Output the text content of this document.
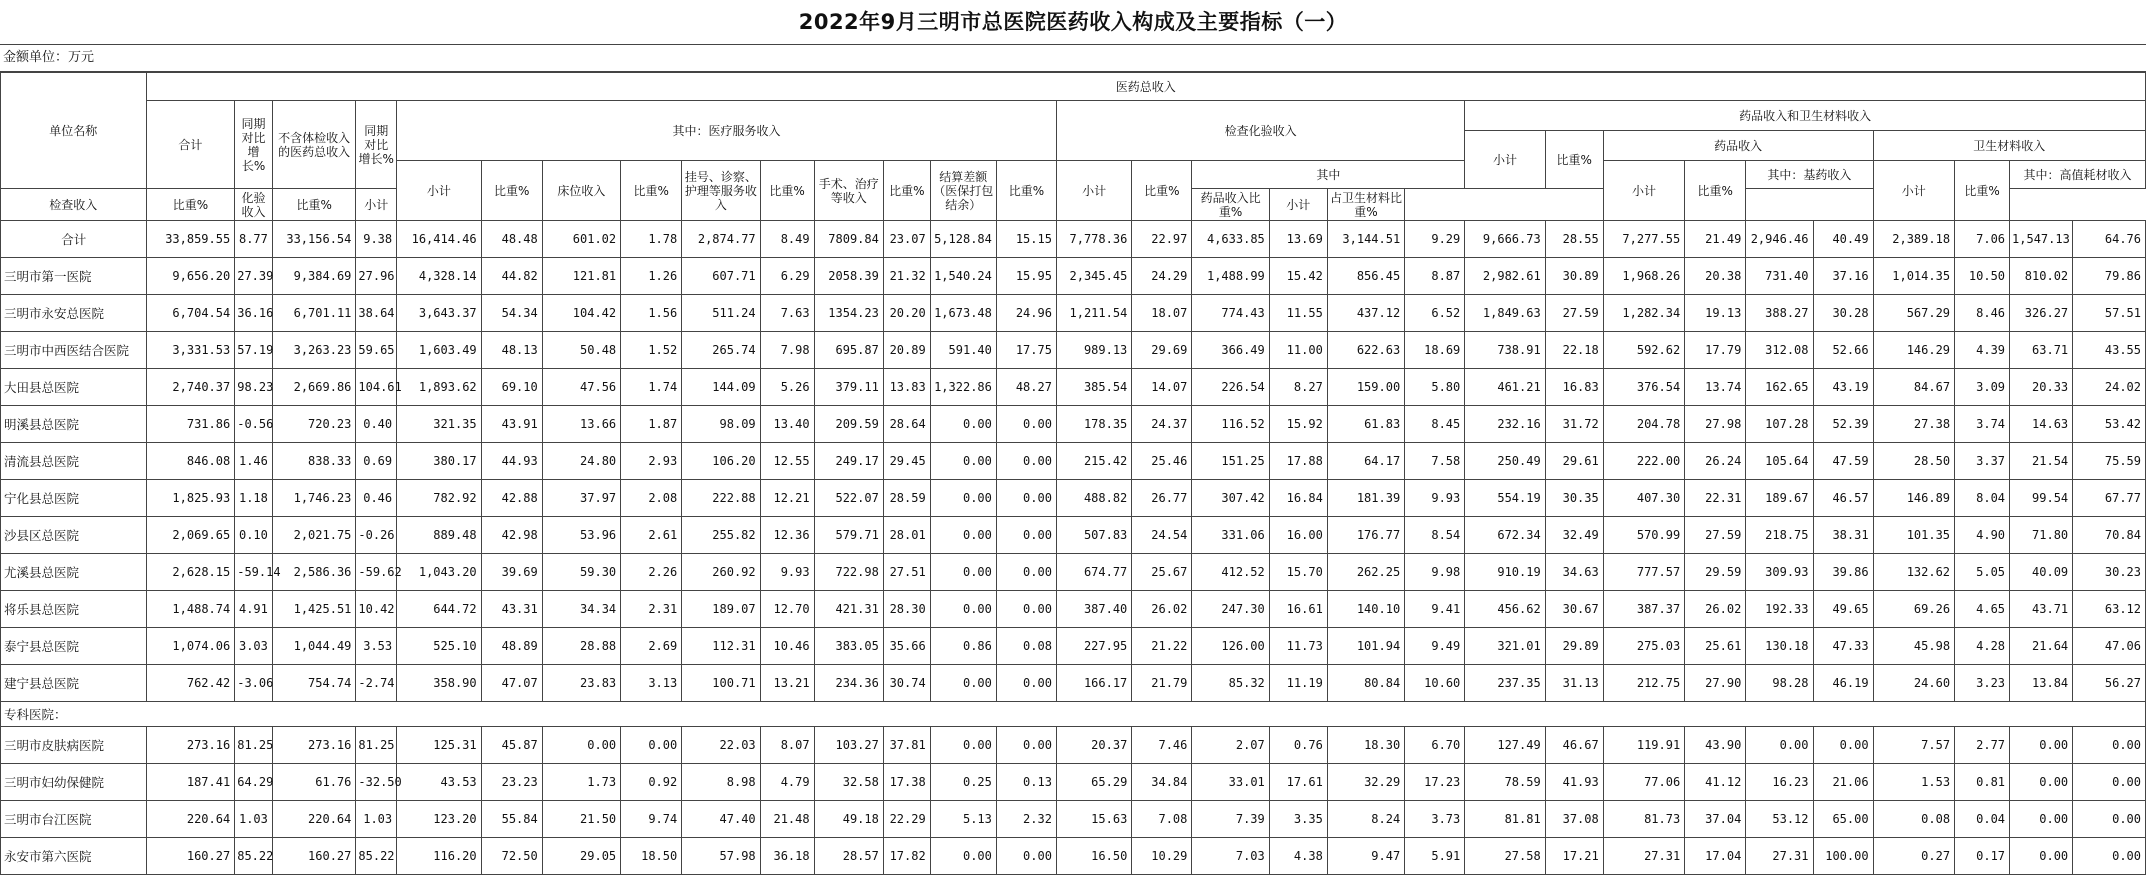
2022年9月三明市总医院医药收入构成及主要指标（一）
金额单位：万元
单位名称	医药总收入																													
	合计	同期对比增长%	不含体检收入的医药总收入	同期对比增长%	其中：医疗服务收入										检查化验收入						药品收入和卫生材料收入									
																					小计	比重%	药品收入				卫生材料收入			
					小计	比重%	床位收入	比重%	挂号、诊察、护理等服务收入	比重%	手术、治疗等收入	比重%	结算差额（医保打包结余）	比重%	小计	比重%	其中						小计	比重%	其中：基药收入		小计	比重%	其中：高值耗材收入	
检查收入	比重%	化验收入	比重%	小计													药品收入比重%	小计	占卫生材料比重%											
合计	33,859.55	8.77	33,156.54	9.38	16,414.46	48.48	601.02	1.78	2,874.77	8.49	7809.84	23.07	5,128.84	15.15	7,778.36	22.97	4,633.85	13.69	3,144.51	9.29	9,666.73	28.55	7,277.55	21.49	2,946.46	40.49	2,389.18	7.06	1,547.13	64.76
三明市第一医院	9,656.20	27.39	9,384.69	27.96	4,328.14	44.82	121.81	1.26	607.71	6.29	2058.39	21.32	1,540.24	15.95	2,345.45	24.29	1,488.99	15.42	856.45	8.87	2,982.61	30.89	1,968.26	20.38	731.40	37.16	1,014.35	10.50	810.02	79.86
三明市永安总医院	6,704.54	36.16	6,701.11	38.64	3,643.37	54.34	104.42	1.56	511.24	7.63	1354.23	20.20	1,673.48	24.96	1,211.54	18.07	774.43	11.55	437.12	6.52	1,849.63	27.59	1,282.34	19.13	388.27	30.28	567.29	8.46	326.27	57.51
三明市中西医结合医院	3,331.53	57.19	3,263.23	59.65	1,603.49	48.13	50.48	1.52	265.74	7.98	695.87	20.89	591.40	17.75	989.13	29.69	366.49	11.00	622.63	18.69	738.91	22.18	592.62	17.79	312.08	52.66	146.29	4.39	63.71	43.55
大田县总医院	2,740.37	98.23	2,669.86	104.61	1,893.62	69.10	47.56	1.74	144.09	5.26	379.11	13.83	1,322.86	48.27	385.54	14.07	226.54	8.27	159.00	5.80	461.21	16.83	376.54	13.74	162.65	43.19	84.67	3.09	20.33	24.02
明溪县总医院	731.86	-0.56	720.23	0.40	321.35	43.91	13.66	1.87	98.09	13.40	209.59	28.64	0.00	0.00	178.35	24.37	116.52	15.92	61.83	8.45	232.16	31.72	204.78	27.98	107.28	52.39	27.38	3.74	14.63	53.42
清流县总医院	846.08	1.46	838.33	0.69	380.17	44.93	24.80	2.93	106.20	12.55	249.17	29.45	0.00	0.00	215.42	25.46	151.25	17.88	64.17	7.58	250.49	29.61	222.00	26.24	105.64	47.59	28.50	3.37	21.54	75.59
宁化县总医院	1,825.93	1.18	1,746.23	0.46	782.92	42.88	37.97	2.08	222.88	12.21	522.07	28.59	0.00	0.00	488.82	26.77	307.42	16.84	181.39	9.93	554.19	30.35	407.30	22.31	189.67	46.57	146.89	8.04	99.54	67.77
沙县区总医院	2,069.65	0.10	2,021.75	-0.26	889.48	42.98	53.96	2.61	255.82	12.36	579.71	28.01	0.00	0.00	507.83	24.54	331.06	16.00	176.77	8.54	672.34	32.49	570.99	27.59	218.75	38.31	101.35	4.90	71.80	70.84
尤溪县总医院	2,628.15	-59.14	2,586.36	-59.62	1,043.20	39.69	59.30	2.26	260.92	9.93	722.98	27.51	0.00	0.00	674.77	25.67	412.52	15.70	262.25	9.98	910.19	34.63	777.57	29.59	309.93	39.86	132.62	5.05	40.09	30.23
将乐县总医院	1,488.74	4.91	1,425.51	10.42	644.72	43.31	34.34	2.31	189.07	12.70	421.31	28.30	0.00	0.00	387.40	26.02	247.30	16.61	140.10	9.41	456.62	30.67	387.37	26.02	192.33	49.65	69.26	4.65	43.71	63.12
泰宁县总医院	1,074.06	3.03	1,044.49	3.53	525.10	48.89	28.88	2.69	112.31	10.46	383.05	35.66	0.86	0.08	227.95	21.22	126.00	11.73	101.94	9.49	321.01	29.89	275.03	25.61	130.18	47.33	45.98	4.28	21.64	47.06
建宁县总医院	762.42	-3.06	754.74	-2.74	358.90	47.07	23.83	3.13	100.71	13.21	234.36	30.74	0.00	0.00	166.17	21.79	85.32	11.19	80.84	10.60	237.35	31.13	212.75	27.90	98.28	46.19	24.60	3.23	13.84	56.27
专科医院：																														
三明市皮肤病医院	273.16	81.25	273.16	81.25	125.31	45.87	0.00	0.00	22.03	8.07	103.27	37.81	0.00	0.00	20.37	7.46	2.07	0.76	18.30	6.70	127.49	46.67	119.91	43.90	0.00	0.00	7.57	2.77	0.00	0.00
三明市妇幼保健院	187.41	64.29	61.76	-32.50	43.53	23.23	1.73	0.92	8.98	4.79	32.58	17.38	0.25	0.13	65.29	34.84	33.01	17.61	32.29	17.23	78.59	41.93	77.06	41.12	16.23	21.06	1.53	0.81	0.00	0.00
三明市台江医院	220.64	1.03	220.64	1.03	123.20	55.84	21.50	9.74	47.40	21.48	49.18	22.29	5.13	2.32	15.63	7.08	7.39	3.35	8.24	3.73	81.81	37.08	81.73	37.04	53.12	65.00	0.08	0.04	0.00	0.00
永安市第六医院	160.27	85.22	160.27	85.22	116.20	72.50	29.05	18.50	57.98	36.18	28.57	17.82	0.00	0.00	16.50	10.29	7.03	4.38	9.47	5.91	27.58	17.21	27.31	17.04	27.31	100.00	0.27	0.17	0.00	0.00
